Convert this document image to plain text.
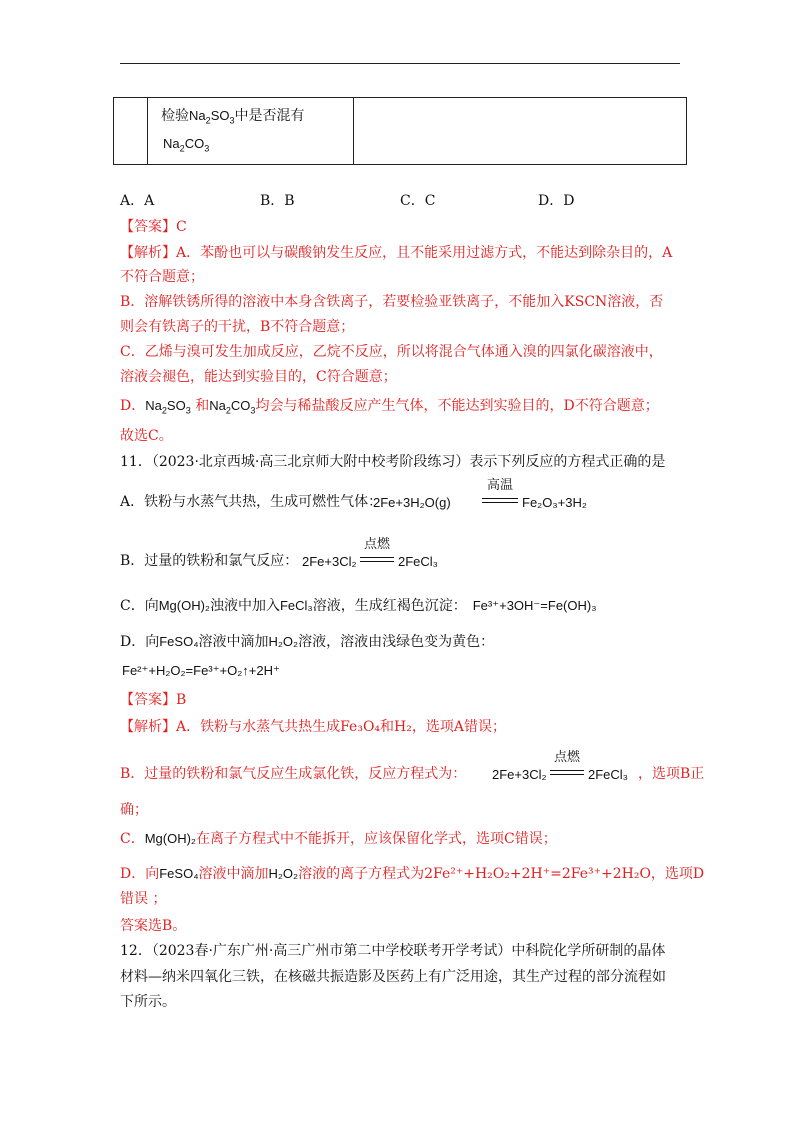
检验$Na_2SO_3$中是否混有
$Na_2CO_3$
A．A	B．B	C．C	D．D
【答案】C
【解析】A．苯酚也可以与碳酸钠发生反应，且不能采用过滤方式，不能达到除杂目的，A
不符合题意；
B．溶解铁锈所得的溶液中本身含铁离子，若要检验亚铁离子，不能加入KSCN溶液，否
则会有铁离子的干扰，B不符合题意；
C．乙烯与溴可发生加成反应，乙烷不反应，所以将混合气体通入溴的四氯化碳溶液中，
溶液会褪色，能达到实验目的，C符合题意；
D．$Na_2SO_3$ 和$Na_2CO_3$均会与稀盐酸反应产生气体，不能达到实验目的，D不符合题意；
故选C。
11．（2023·北京西城·高三北京师大附中校考阶段练习）表示下列反应的方程式正确的是
A．铁粉与水蒸气共热，生成可燃性气体：
2Fe+3H₂O(g)
高温
Fe₂O₃+3H₂
B．过量的铁粉和氯气反应： 2Fe+3Cl₂
点燃
2FeCl₃
C．向Mg(OH)₂浊液中加入FeCl₃溶液，生成红褐色沉淀： Fe³⁺+3OH⁻=Fe(OH)₃
D．向FeSO₄溶液中滴加H₂O₂溶液，溶液由浅绿色变为黄色：
Fe²⁺+H₂O₂=Fe³⁺+O₂↑+2H⁺
【答案】B
【解析】A．铁粉与水蒸气共热生成Fe₃O₄和H₂，选项A错误；
B．过量的铁粉和氯气反应生成氯化铁，反应方程式为： 2Fe+3Cl₂
点燃
2FeCl₃ ，选项B正
确；
C．Mg(OH)₂在离子方程式中不能拆开，应该保留化学式，选项C错误；
D．向FeSO₄溶液中滴加H₂O₂溶液的离子方程式为2Fe²⁺+H₂O₂+2H⁺=2Fe³⁺+2H₂O，选项D
错误 ；
答案选B。
12．（2023春·广东广州·高三广州市第二中学校联考开学考试）中科院化学所研制的晶体
材料—纳米四氧化三铁，在核磁共振造影及医药上有广泛用途，其生产过程的部分流程如
下所示。
